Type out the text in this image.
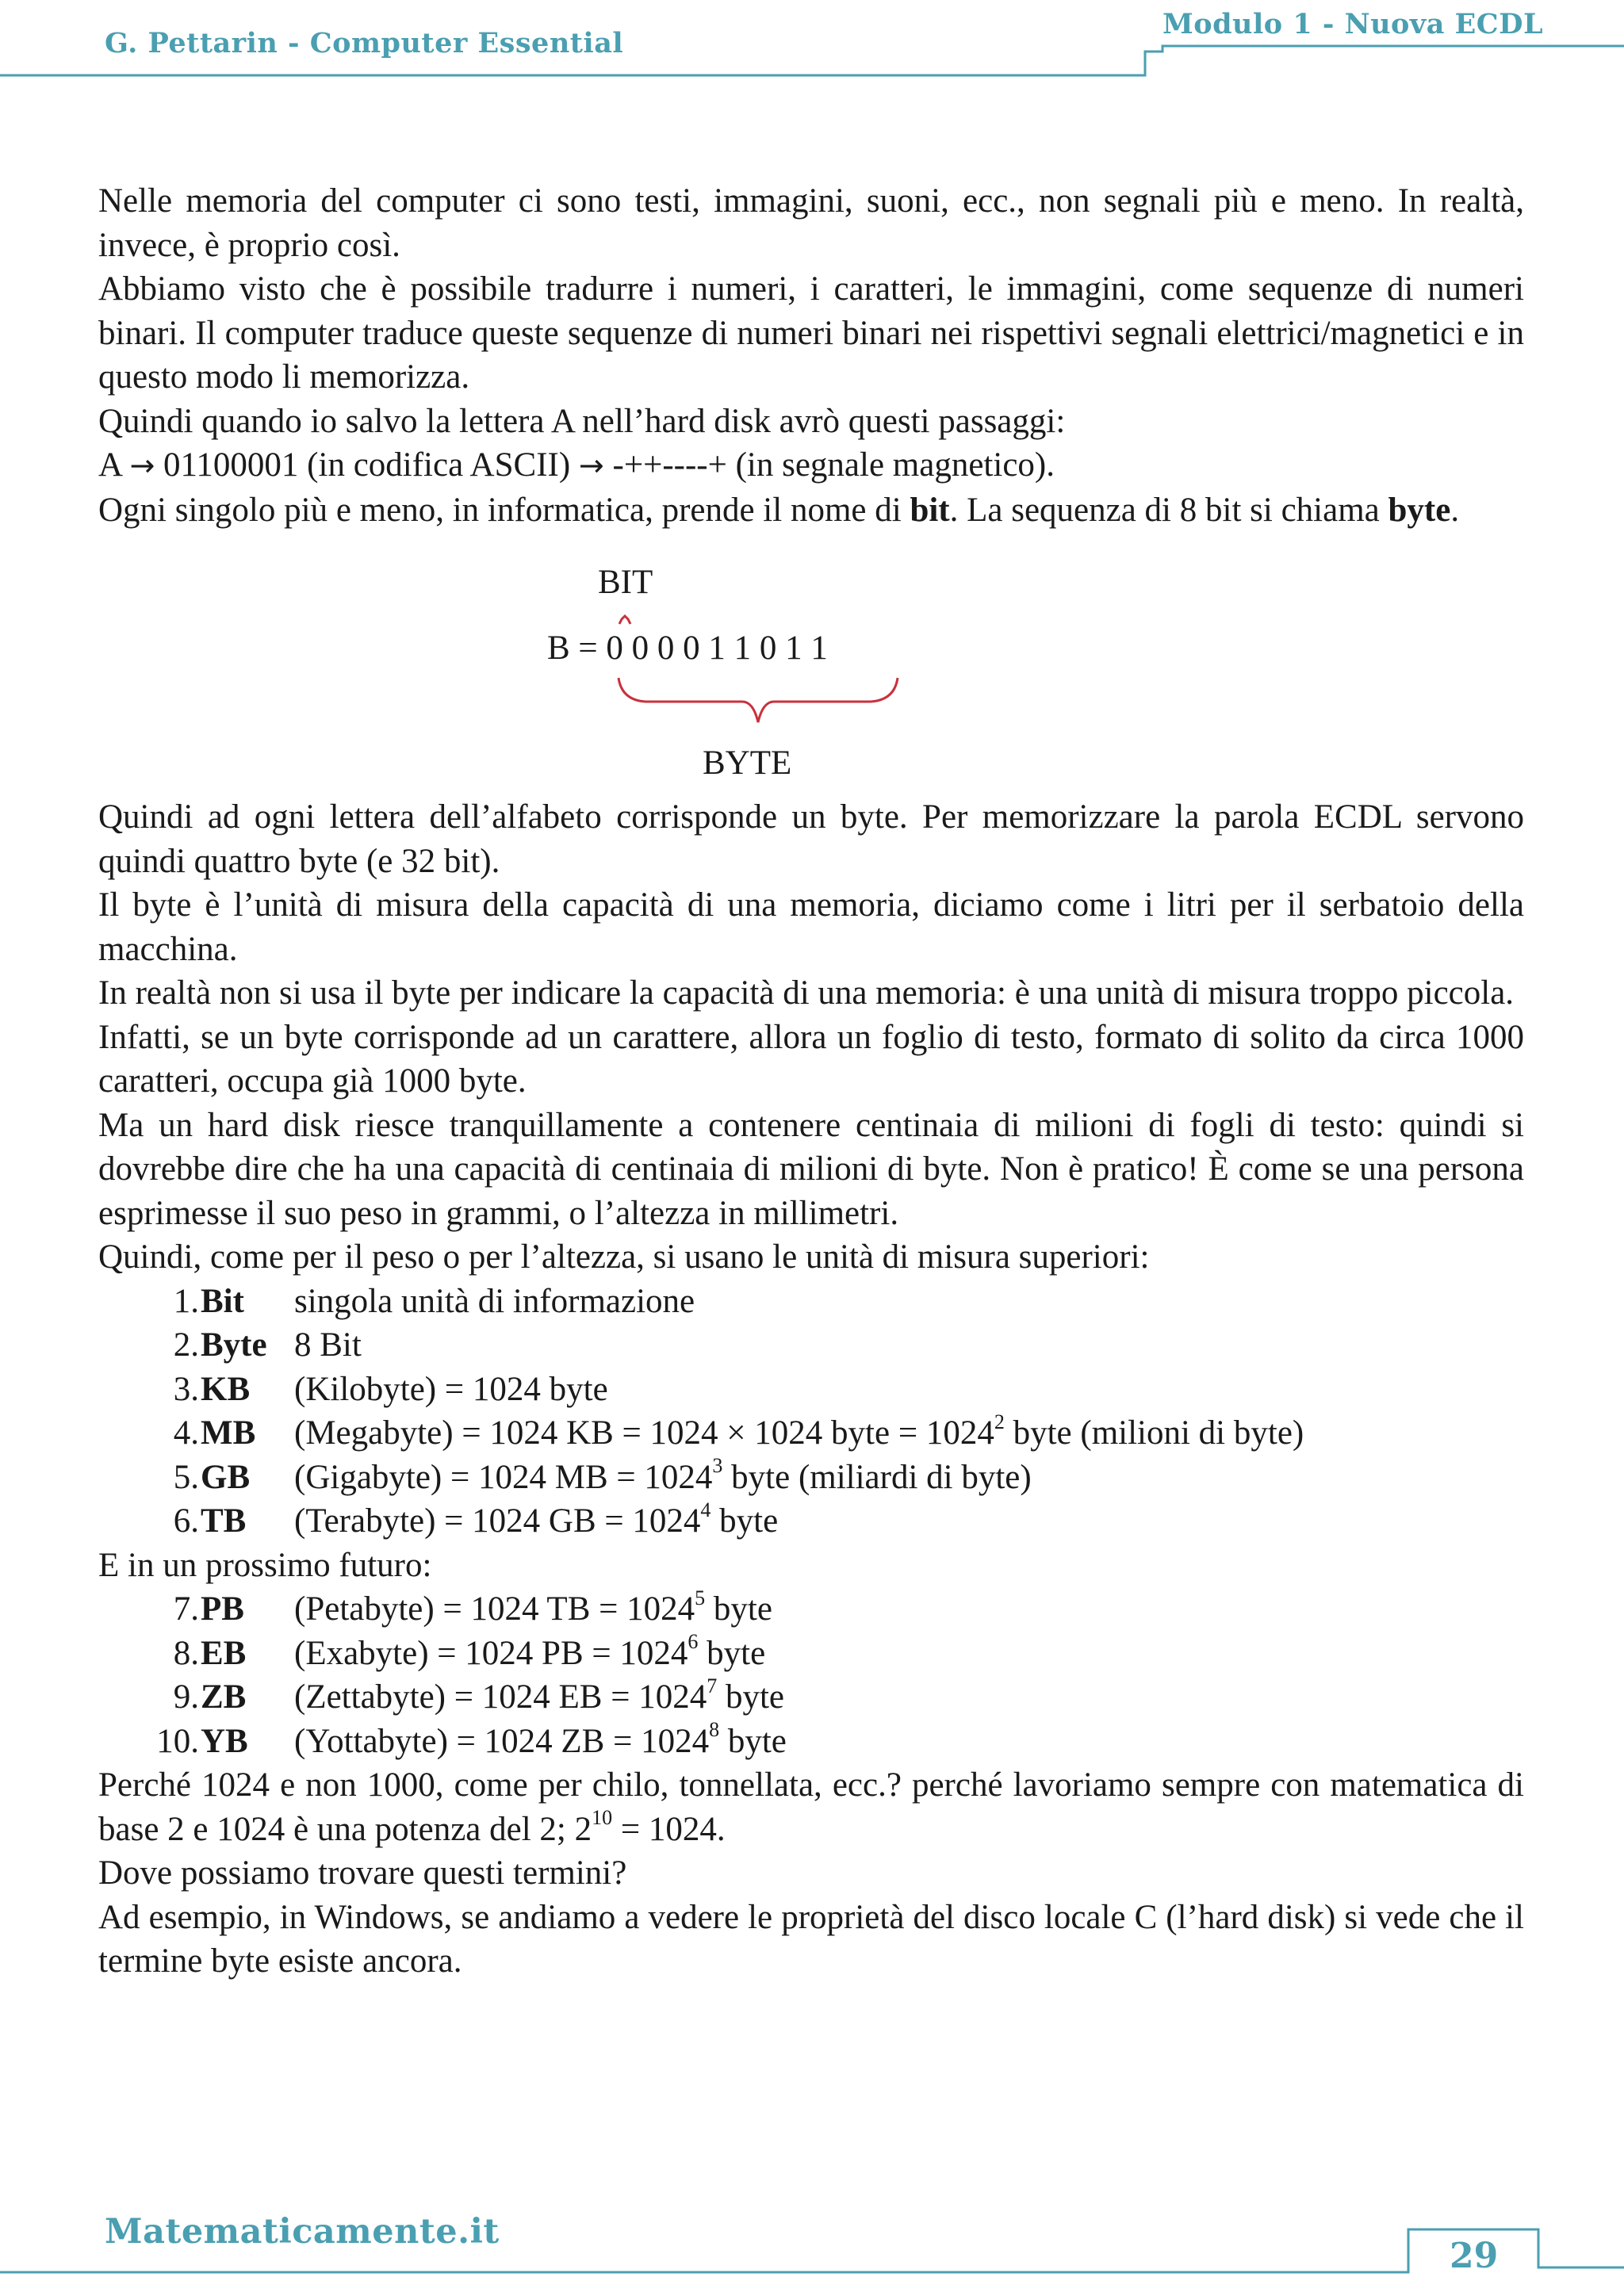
G. Pettarin - Computer Essential
Modulo 1 - Nuova ECDL

Nelle memoria del computer ci sono testi, immagini, suoni, ecc., non segnali più e meno. In realtà, invece, è proprio così.

Abbiamo visto che è possibile tradurre i numeri, i caratteri, le immagini, come sequenze di numeri binari. Il computer traduce queste sequenze di numeri binari nei rispettivi segnali elettrici/magnetici e in questo modo li memorizza.

Quindi quando io salvo la lettera A nell’hard disk avrò questi passaggi:

A → 01100001 (in codifica ASCII) → -++----+ (in segnale magnetico).

Ogni singolo più e meno, in informatica, prende il nome di bit. La sequenza di 8 bit si chiama byte.

BIT
B = 0 0 0 0 1 1 0 1 1
BYTE

Quindi ad ogni lettera dell’alfabeto corrisponde un byte. Per memorizzare la parola ECDL servono quindi quattro byte (e 32 bit).

Il byte è l’unità di misura della capacità di una memoria, diciamo come i litri per il serbatoio della macchina.

In realtà non si usa il byte per indicare la capacità di una memoria: è una unità di misura troppo piccola.

Infatti, se un byte corrisponde ad un carattere, allora un foglio di testo, formato di solito da circa 1000 caratteri, occupa già 1000 byte.

Ma un hard disk riesce tranquillamente a contenere centinaia di milioni di fogli di testo: quindi si dovrebbe dire che ha una capacità di centinaia di milioni di byte. Non è pratico! È come se una persona esprimesse il suo peso in grammi, o l’altezza in millimetri.

Quindi, come per il peso o per l’altezza, si usano le unità di misura superiori:

1. Bit	singola unità di informazione
2. Byte 8 Bit
3. KB	(Kilobyte) = 1024 byte
4. MB	(Megabyte) = 1024 KB = 1024 × 1024 byte = $1024^2$ byte (milioni di byte)
5. GB	(Gigabyte) = 1024 MB = $1024^3$ byte (miliardi di byte)
6. TB	(Terabyte) = 1024 GB = $1024^4$ byte

E in un prossimo futuro:

7. PB	(Petabyte) = 1024 TB = $1024^5$ byte
8. EB	(Exabyte) = 1024 PB = $1024^6$ byte
9. ZB	(Zettabyte) = 1024 EB = $1024^7$ byte
10. YB	(Yottabyte) = 1024 ZB = $1024^8$ byte

Perché 1024 e non 1000, come per chilo, tonnellata, ecc.? perché lavoriamo sempre con matematica di base 2 e 1024 è una potenza del 2; $2^{10} = 1024$.

Dove possiamo trovare questi termini?

Ad esempio, in Windows, se andiamo a vedere le proprietà del disco locale C (l’hard disk) si vede che il termine byte esiste ancora.

Matematicamente.it
29
